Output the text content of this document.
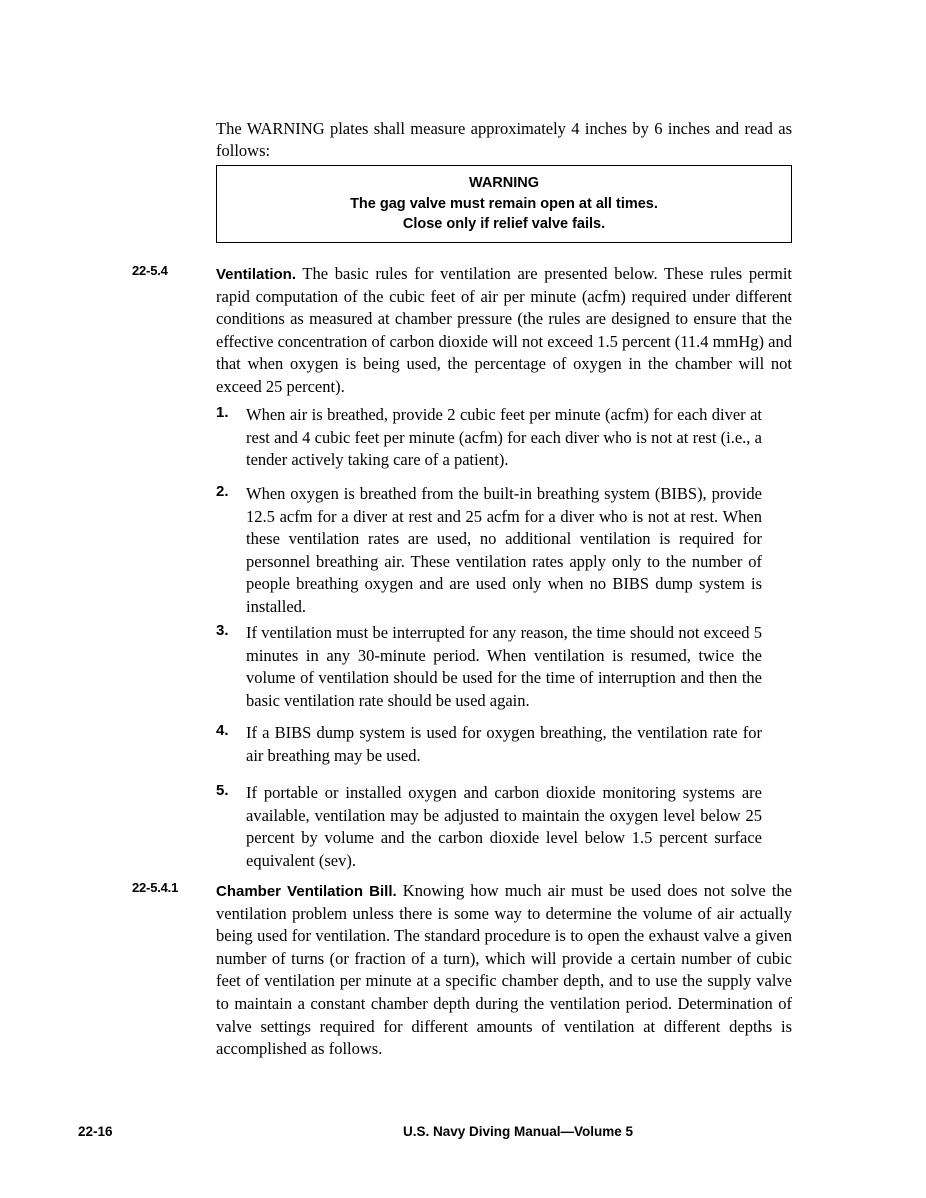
The WARNING plates shall measure approximately 4 inches by 6 inches and read as follows:

WARNING
The gag valve must remain open at all times.
Close only if relief valve fails.
22-5.4	Ventilation. The basic rules for ventilation are presented below. These rules permit rapid computation of the cubic feet of air per minute (acfm) required under different conditions as measured at chamber pressure (the rules are designed to ensure that the effective concentration of carbon dioxide will not exceed 1.5 percent (11.4 mmHg) and that when oxygen is being used, the percentage of oxygen in the chamber will not exceed 25 percent).
1.	When air is breathed, provide 2 cubic feet per minute (acfm) for each diver at rest and 4 cubic feet per minute (acfm) for each diver who is not at rest (i.e., a tender actively taking care of a patient).
2.	When oxygen is breathed from the built-in breathing system (BIBS), provide 12.5 acfm for a diver at rest and 25 acfm for a diver who is not at rest. When these ventilation rates are used, no additional ventilation is required for personnel breathing air. These ventilation rates apply only to the number of people breathing oxygen and are used only when no BIBS dump system is installed.
3.	If ventilation must be interrupted for any reason, the time should not exceed 5 minutes in any 30-minute period. When ventilation is resumed, twice the volume of ventilation should be used for the time of interruption and then the basic ventilation rate should be used again.
4.	If a BIBS dump system is used for oxygen breathing, the ventilation rate for air breathing may be used.
5.	If portable or installed oxygen and carbon dioxide monitoring systems are available, ventilation may be adjusted to maintain the oxygen level below 25 percent by volume and the carbon dioxide level below 1.5 percent surface equivalent (sev).
22-5.4.1	Chamber Ventilation Bill. Knowing how much air must be used does not solve the ventilation problem unless there is some way to determine the volume of air actually being used for ventilation. The standard procedure is to open the exhaust valve a given number of turns (or fraction of a turn), which will provide a certain number of cubic feet of ventilation per minute at a specific chamber depth, and to use the supply valve to maintain a constant chamber depth during the ventilation period. Determination of valve settings required for different amounts of ventilation at different depths is accomplished as follows.
22-16	U.S. Navy Diving Manual—Volume 5
